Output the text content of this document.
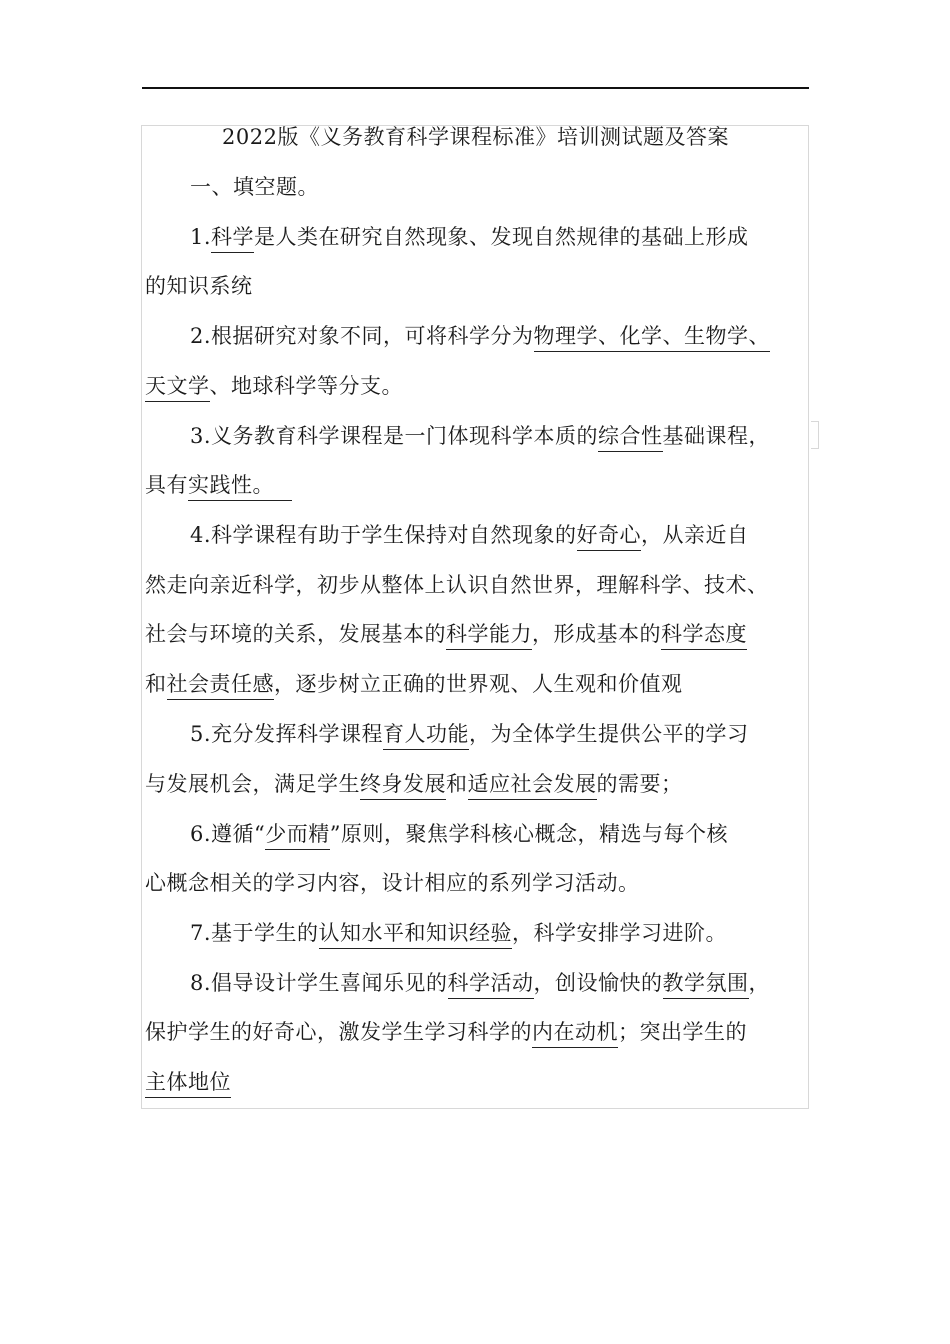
2022版《义务教育科学课程标准》培训测试题及答案
一、填空题。
1.科学是人类在研究自然现象、发现自然规律的基础上形成
的知识系统
2.根据研究对象不同，可将科学分为物理学、化学、生物学、
天文学、地球科学等分支。
3.义务教育科学课程是一门体现科学本质的综合性基础课程，
具有实践性。
4.科学课程有助于学生保持对自然现象的好奇心，从亲近自
然走向亲近科学，初步从整体上认识自然世界，理解科学、技术、
社会与环境的关系，发展基本的科学能力，形成基本的科学态度
和社会责任感，逐步树立正确的世界观、人生观和价值观
5.充分发挥科学课程育人功能，为全体学生提供公平的学习
与发展机会，满足学生终身发展和适应社会发展的需要；
6.遵循“少而精”原则，聚焦学科核心概念，精选与每个核
心概念相关的学习内容，设计相应的系列学习活动。
7.基于学生的认知水平和知识经验，科学安排学习进阶。
8.倡导设计学生喜闻乐见的科学活动，创设愉快的教学氛围，
保护学生的好奇心，激发学生学习科学的内在动机；突出学生的
主体地位
